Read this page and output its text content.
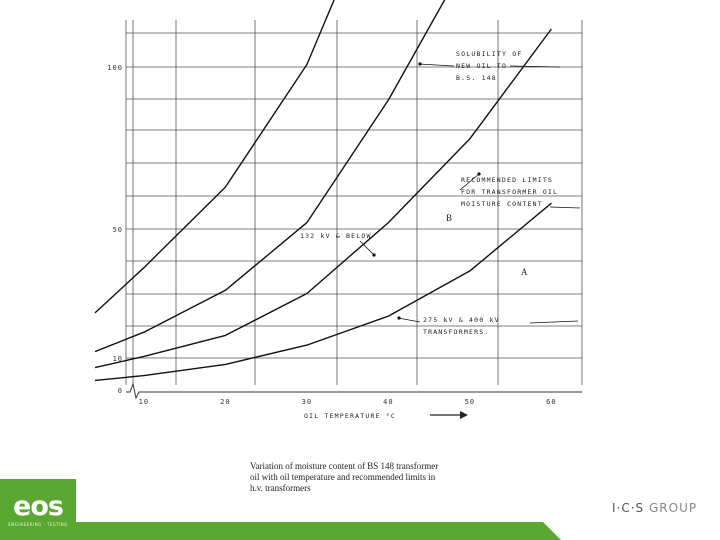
0
10
50
100
10	20	30	40	50	60
OIL TEMPERATURE °C
SOLUBILITY OF
NEW OIL TO
B.S. 148
RECOMMENDED LIMITS
FOR TRANSFORMER OIL
MOISTURE CONTENT
132 kV & BELOW
275 kV & 400 kV
TRANSFORMERS.
B
A
Variation of moisture content of BS 148 transformer
oil with oil temperature and recommended limits in
h.v. transformers
eos
ENGINEERING · TESTING
I·C·S GROUP
